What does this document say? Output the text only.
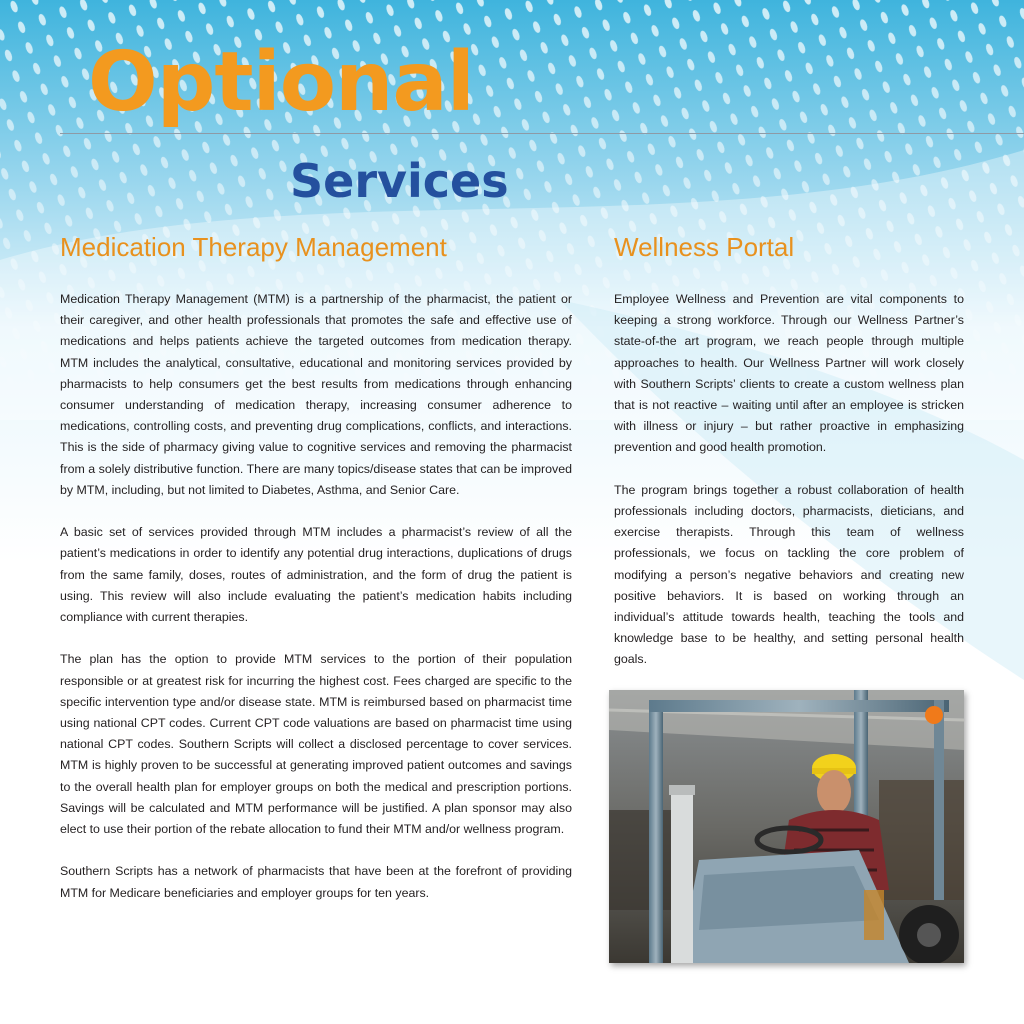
Optional
Services
Medication Therapy Management	Wellness Portal

Medication Therapy Management (MTM) is a partnership of the pharmacist, the patient or their caregiver, and other health professionals that promotes the safe and effective use of medications and helps patients achieve the targeted outcomes from medication therapy. MTM includes the analytical, consultative, educational and monitoring services provided by pharmacists to help consumers get the best results from medications through enhancing consumer understanding of medication therapy, increasing consumer adherence to medications, controlling costs, and preventing drug complications, conflicts, and interactions. This is the side of pharmacy giving value to cognitive services and removing the pharmacist from a solely distributive function. There are many topics/disease states that can be improved by MTM, including, but not limited to Diabetes, Asthma, and Senior Care.

A basic set of services provided through MTM includes a pharmacist’s review of all the patient’s medications in order to identify any potential drug interactions, duplications of drugs from the same family, doses, routes of administration, and the form of drug the patient is using. This review will also include evaluating the patient’s medication habits including compliance with current therapies.

The plan has the option to provide MTM services to the portion of their population responsible or at greatest risk for incurring the highest cost. Fees charged are specific to the specific intervention type and/or disease state. MTM is reimbursed based on pharmacist time using national CPT codes. Current CPT code valuations are based on pharmacist time using national CPT codes. Southern Scripts will collect a disclosed percentage to cover services. MTM is highly proven to be successful at generating improved patient outcomes and savings to the overall health plan for employer groups on both the medical and prescription portions. Savings will be calculated and MTM performance will be justified. A plan sponsor may also elect to use their portion of the rebate allocation to fund their MTM and/or wellness program.

Southern Scripts has a network of pharmacists that have been at the forefront of providing MTM for Medicare beneficiaries and employer groups for ten years.

Employee Wellness and Prevention are vital components to keeping a strong workforce. Through our Wellness Partner’s state-of-the art program, we reach people through multiple approaches to health. Our Wellness Partner will work closely with Southern Scripts’ clients to create a custom wellness plan that is not reactive – waiting until after an employee is stricken with illness or injury – but rather proactive in emphasizing prevention and good health promotion.

The program brings together a robust collaboration of health professionals including doctors, pharmacists, dieticians, and exercise therapists. Through this team of wellness professionals, we focus on tackling the core problem of modifying a person’s negative behaviors and creating new positive behaviors. It is based on working through an individual’s attitude towards health, teaching the tools and knowledge base to be healthy, and setting personal health goals.
